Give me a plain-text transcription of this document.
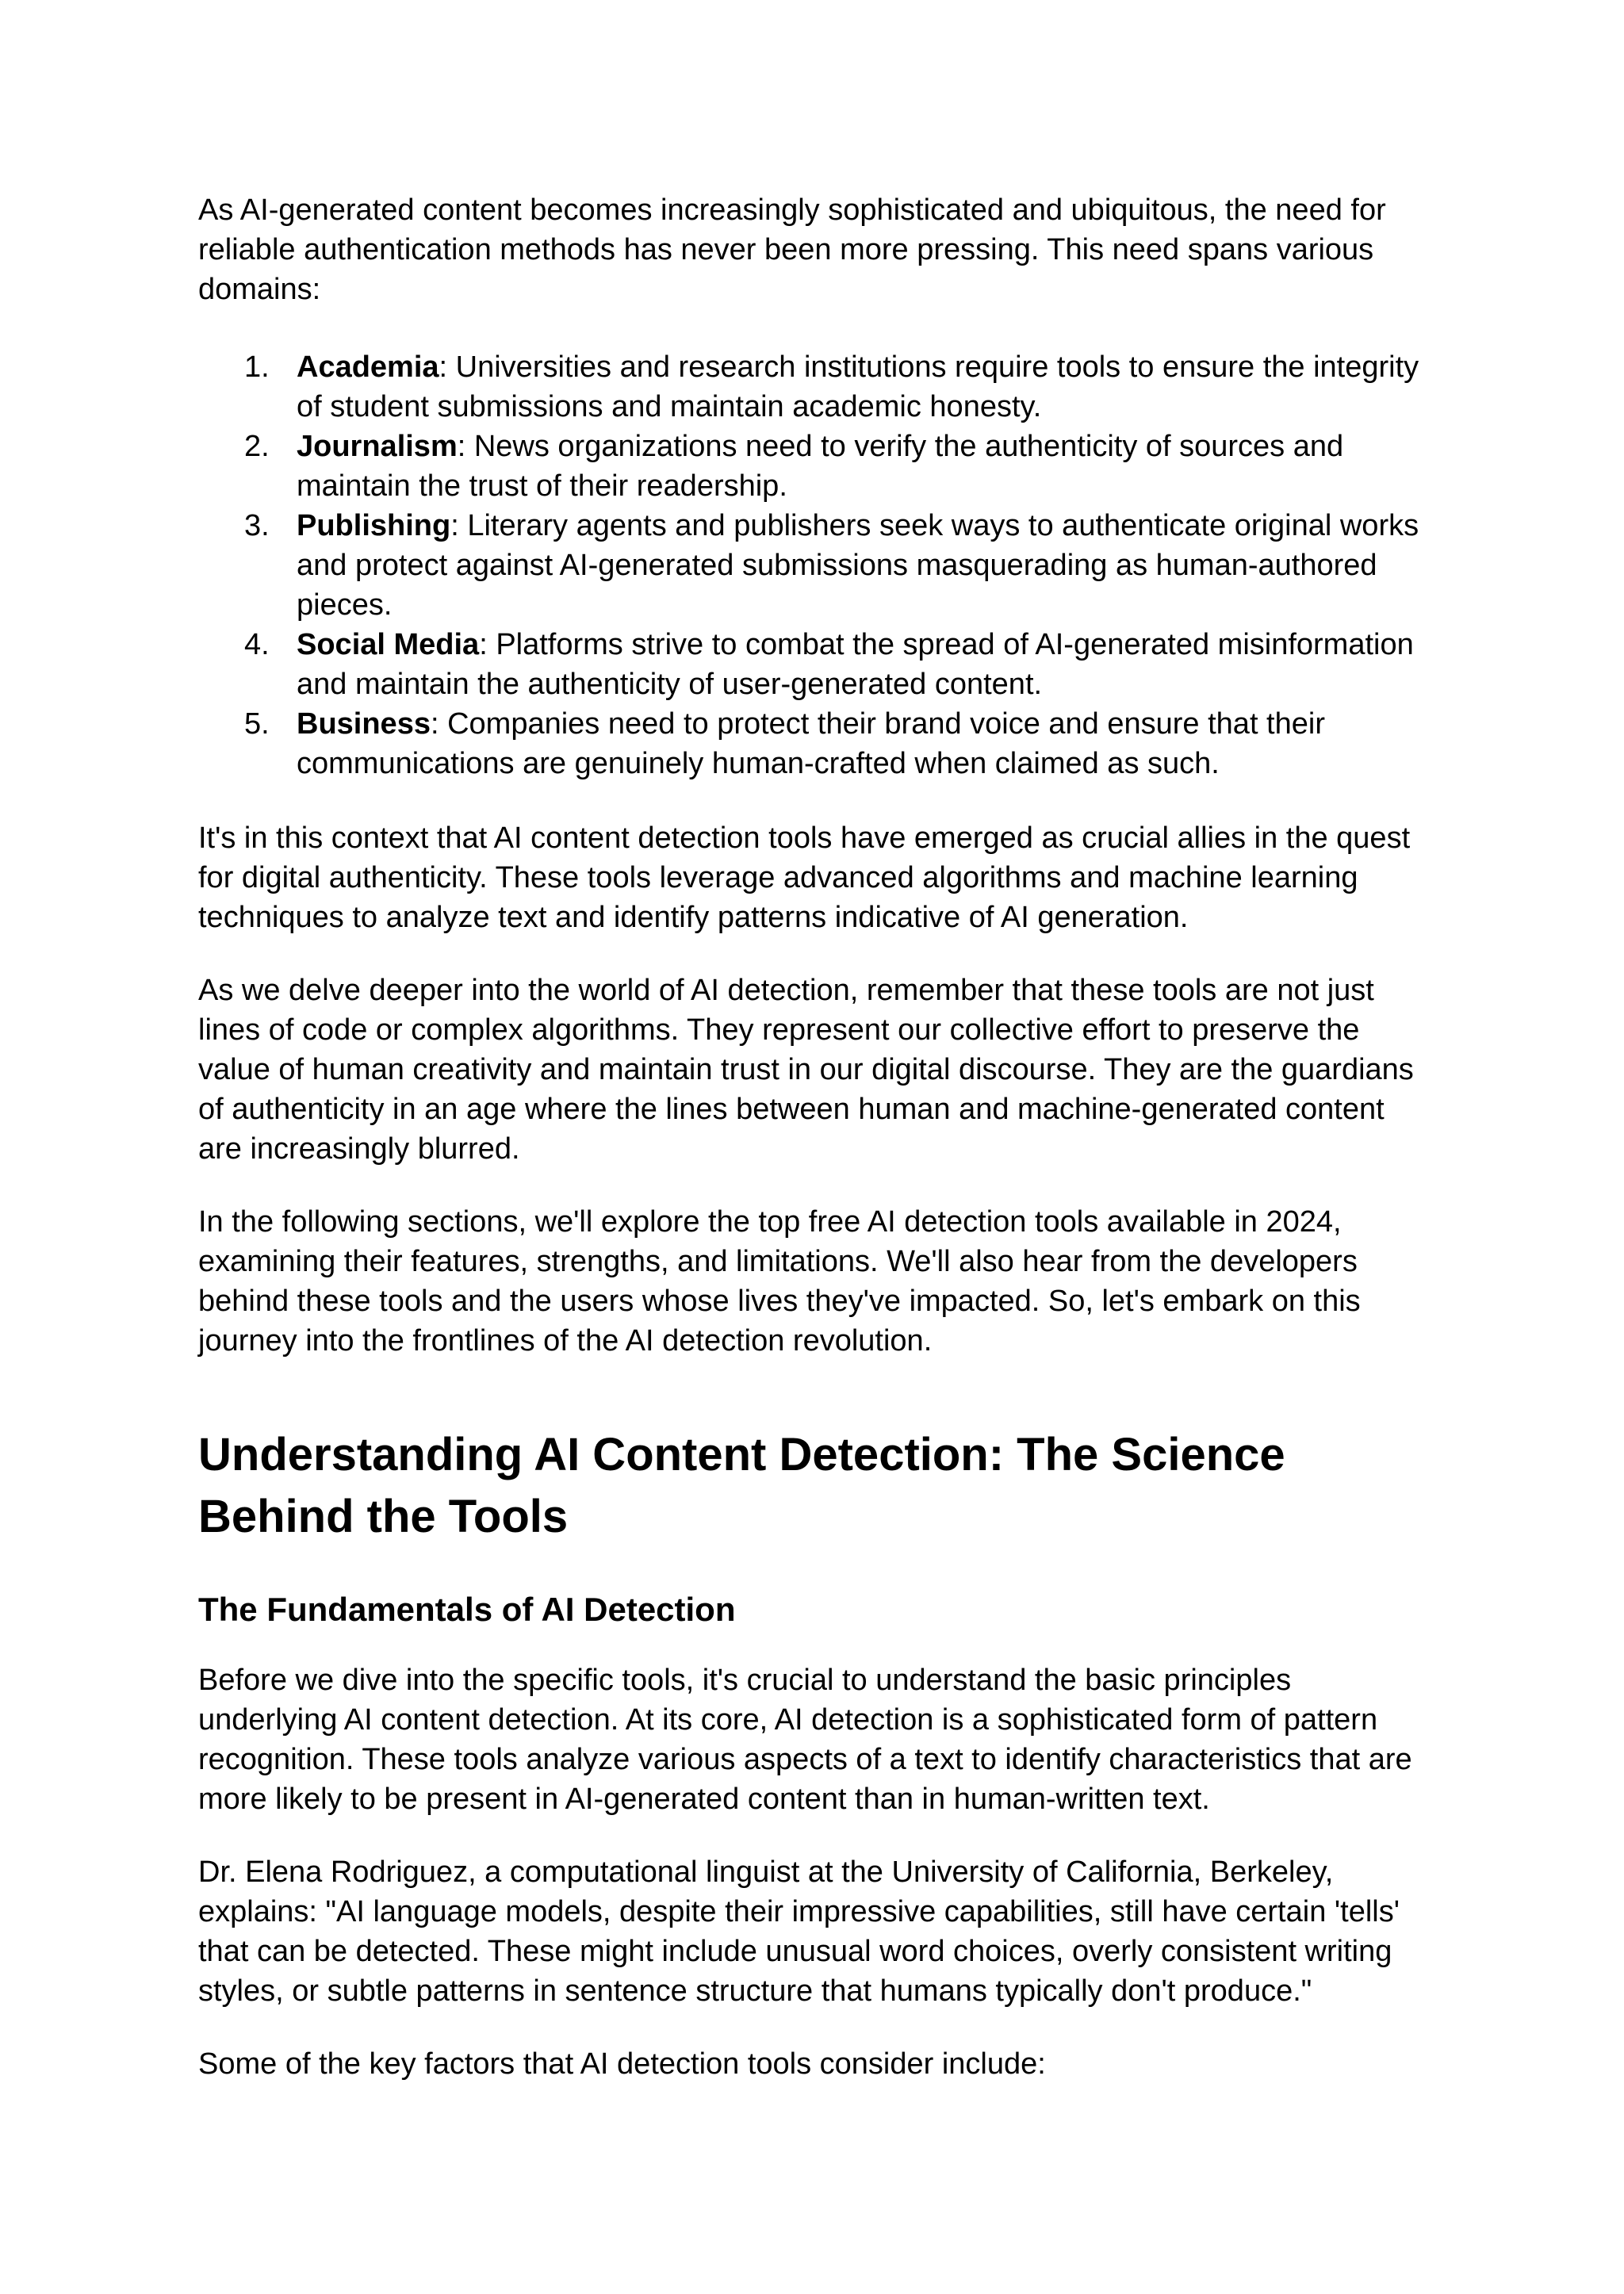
As AI-generated content becomes increasingly sophisticated and ubiquitous, the need for reliable authentication methods has never been more pressing. This need spans various domains:

1. Academia: Universities and research institutions require tools to ensure the integrity of student submissions and maintain academic honesty.
2. Journalism: News organizations need to verify the authenticity of sources and maintain the trust of their readership.
3. Publishing: Literary agents and publishers seek ways to authenticate original works and protect against AI-generated submissions masquerading as human-authored pieces.
4. Social Media: Platforms strive to combat the spread of AI-generated misinformation and maintain the authenticity of user-generated content.
5. Business: Companies need to protect their brand voice and ensure that their communications are genuinely human-crafted when claimed as such.

It's in this context that AI content detection tools have emerged as crucial allies in the quest for digital authenticity. These tools leverage advanced algorithms and machine learning techniques to analyze text and identify patterns indicative of AI generation.

As we delve deeper into the world of AI detection, remember that these tools are not just lines of code or complex algorithms. They represent our collective effort to preserve the value of human creativity and maintain trust in our digital discourse. They are the guardians of authenticity in an age where the lines between human and machine-generated content are increasingly blurred.

In the following sections, we'll explore the top free AI detection tools available in 2024, examining their features, strengths, and limitations. We'll also hear from the developers behind these tools and the users whose lives they've impacted. So, let's embark on this journey into the frontlines of the AI detection revolution.

Understanding AI Content Detection: The Science Behind the Tools
The Fundamentals of AI Detection

Before we dive into the specific tools, it's crucial to understand the basic principles underlying AI content detection. At its core, AI detection is a sophisticated form of pattern recognition. These tools analyze various aspects of a text to identify characteristics that are more likely to be present in AI-generated content than in human-written text.

Dr. Elena Rodriguez, a computational linguist at the University of California, Berkeley, explains: "AI language models, despite their impressive capabilities, still have certain 'tells' that can be detected. These might include unusual word choices, overly consistent writing styles, or subtle patterns in sentence structure that humans typically don't produce."

Some of the key factors that AI detection tools consider include:
